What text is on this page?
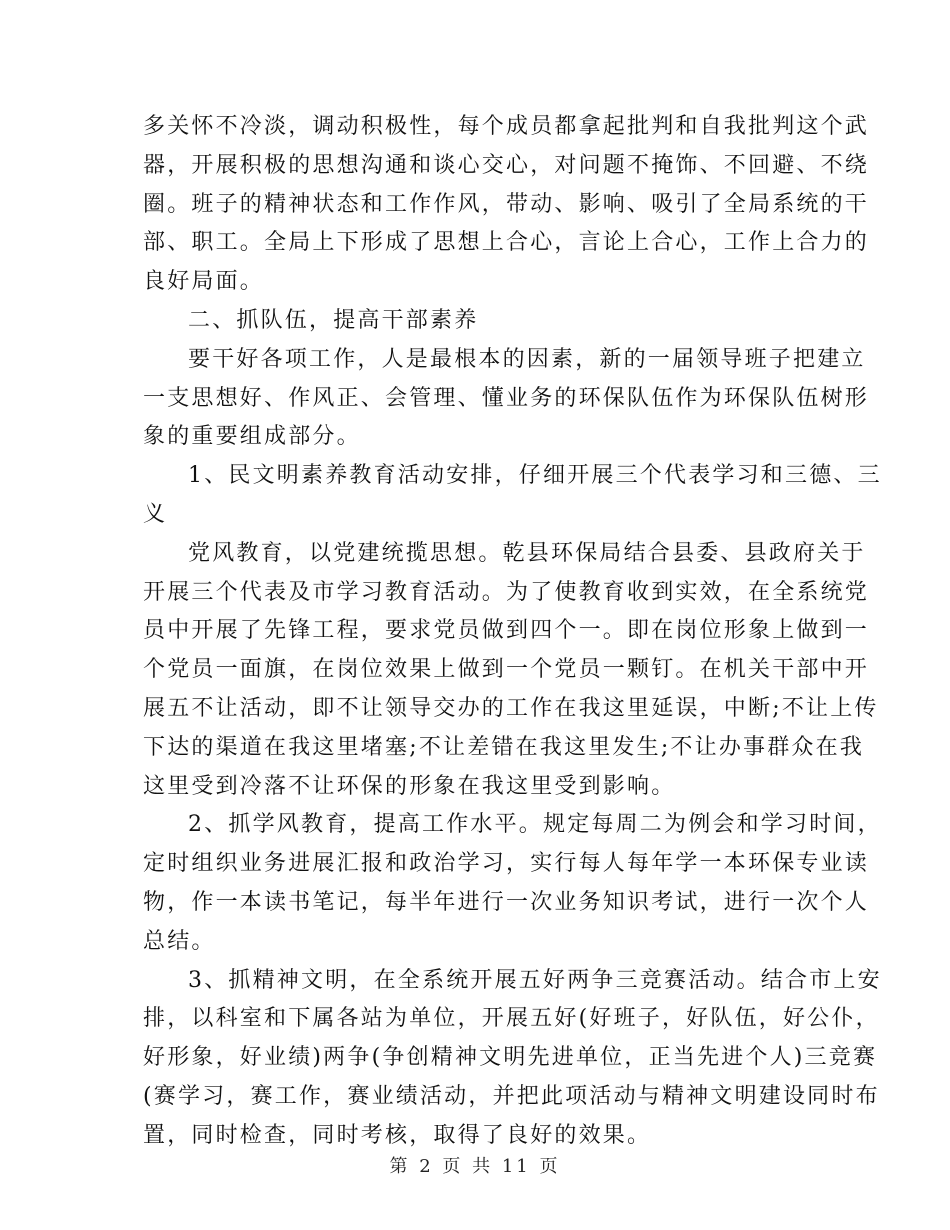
多关怀不冷淡，调动积极性，每个成员都拿起批判和自我批判这个武
器，开展积极的思想沟通和谈心交心，对问题不掩饰、不回避、不绕
圈。班子的精神状态和工作作风，带动、影响、吸引了全局系统的干
部、职工。全局上下形成了思想上合心，言论上合心，工作上合力的
良好局面。
二、抓队伍，提高干部素养
要干好各项工作，人是最根本的因素，新的一届领导班子把建立
一支思想好、作风正、会管理、懂业务的环保队伍作为环保队伍树形
象的重要组成部分。
1、民文明素养教育活动安排，仔细开展三个代表学习和三德、三
义
党风教育，以党建统揽思想。乾县环保局结合县委、县政府关于
开展三个代表及市学习教育活动。为了使教育收到实效，在全系统党
员中开展了先锋工程，要求党员做到四个一。即在岗位形象上做到一
个党员一面旗，在岗位效果上做到一个党员一颗钉。在机关干部中开
展五不让活动，即不让领导交办的工作在我这里延误，中断;不让上传
下达的渠道在我这里堵塞;不让差错在我这里发生;不让办事群众在我
这里受到冷落不让环保的形象在我这里受到影响。
2、抓学风教育，提高工作水平。规定每周二为例会和学习时间，
定时组织业务进展汇报和政治学习，实行每人每年学一本环保专业读
物，作一本读书笔记，每半年进行一次业务知识考试，进行一次个人
总结。
3、抓精神文明，在全系统开展五好两争三竞赛活动。结合市上安
排，以科室和下属各站为单位，开展五好(好班子，好队伍，好公仆，
好形象，好业绩)两争(争创精神文明先进单位，正当先进个人)三竞赛
(赛学习，赛工作，赛业绩活动，并把此项活动与精神文明建设同时布
置，同时检查，同时考核，取得了良好的效果。

第 2 页 共 11 页
